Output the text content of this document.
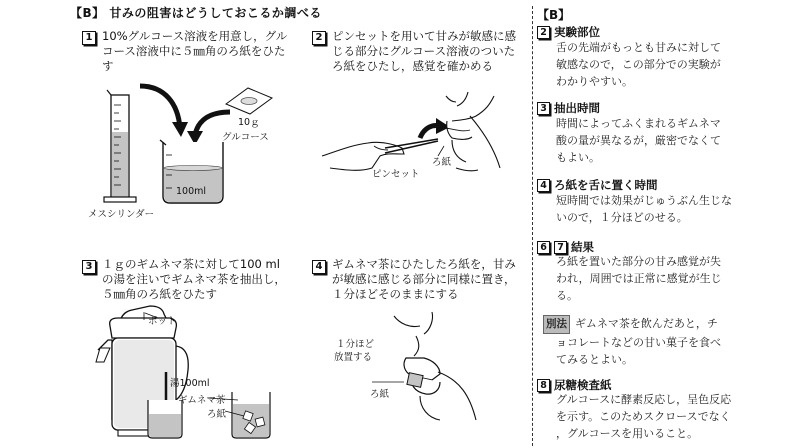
【B】 甘みの阻害はどうしておこるか調べる
1 10%グルコース溶液を用意し，グル
コース溶液中に５㎜角のろ紙をひた
す
2 ピンセットを用いて甘みが敏感に感
じる部分にグルコース溶液のついた
ろ紙をひたし，感覚を確かめる
3 １ｇのギムネマ茶に対して100 ml
の湯を注いでギムネマ茶を抽出し，
５㎜角のろ紙をひたす
4 ギムネマ茶にひたしたろ紙を，甘み
が敏感に感じる部分に同様に置き，
１分ほどそのままにする
10ｇ
グルコース
100ml
メスシリンダー
ろ紙
ピンセット
ポット
湯100ml
ギムネマ茶
ろ紙
１分ほど
放置する
ろ紙
【B】
2 実験部位
舌の先端がもっとも甘みに対して
敏感なので，この部分での実験が
わかりやすい。
3 抽出時間
時間によってふくまれるギムネマ
酸の量が異なるが，厳密でなくて
もよい。
4 ろ紙を舌に置く時間
短時間では効果がじゅうぶん生じな
いので，１分ほどのせる。
6 7 結果
ろ紙を置いた部分の甘み感覚が失
われ，周囲では正常に感覚が生じ
る。
別法 ギムネマ茶を飲んだあと，チ
ョコレートなどの甘い菓子を食べ
てみるとよい。
8 尿糖検査紙
グルコースに酵素反応し，呈色反応
を示す。このためスクロースでなく
，グルコースを用いること。
